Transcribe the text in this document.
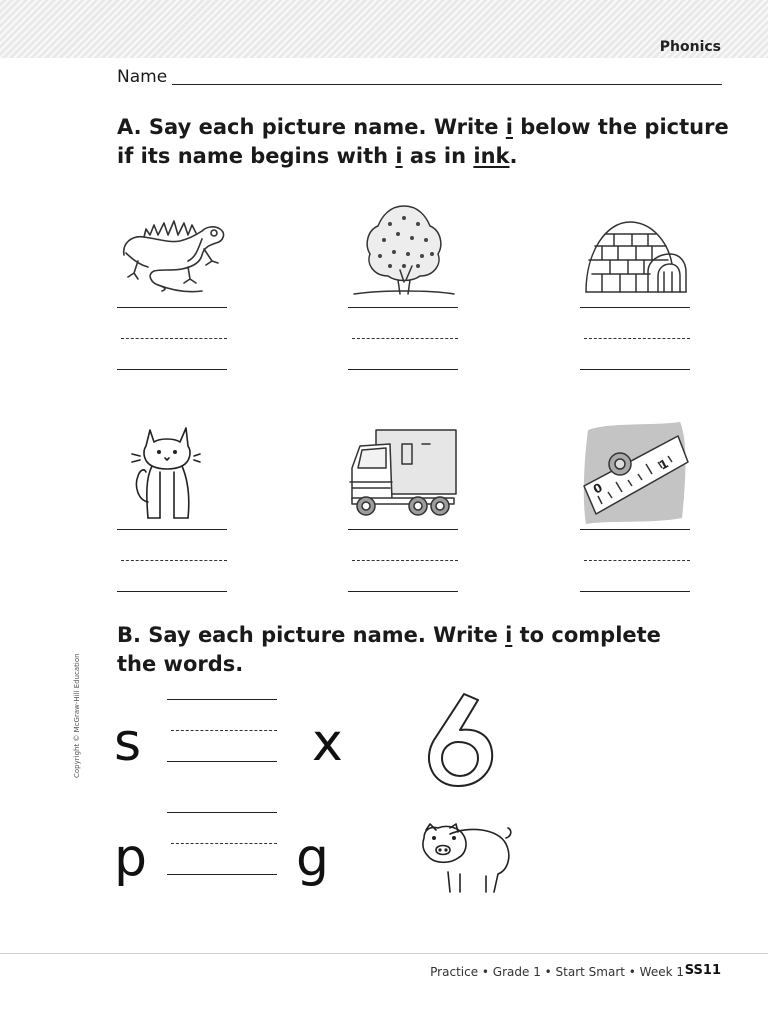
Phonics
Name

A. Say each picture name. Write i below the picture if its name begins with i as in ink.

0
1

B. Say each picture name. Write i to complete the words.

s	x
p	g
Copyright © McGraw-Hill Education
Practice • Grade 1 • Start Smart • Week 1 SS11
